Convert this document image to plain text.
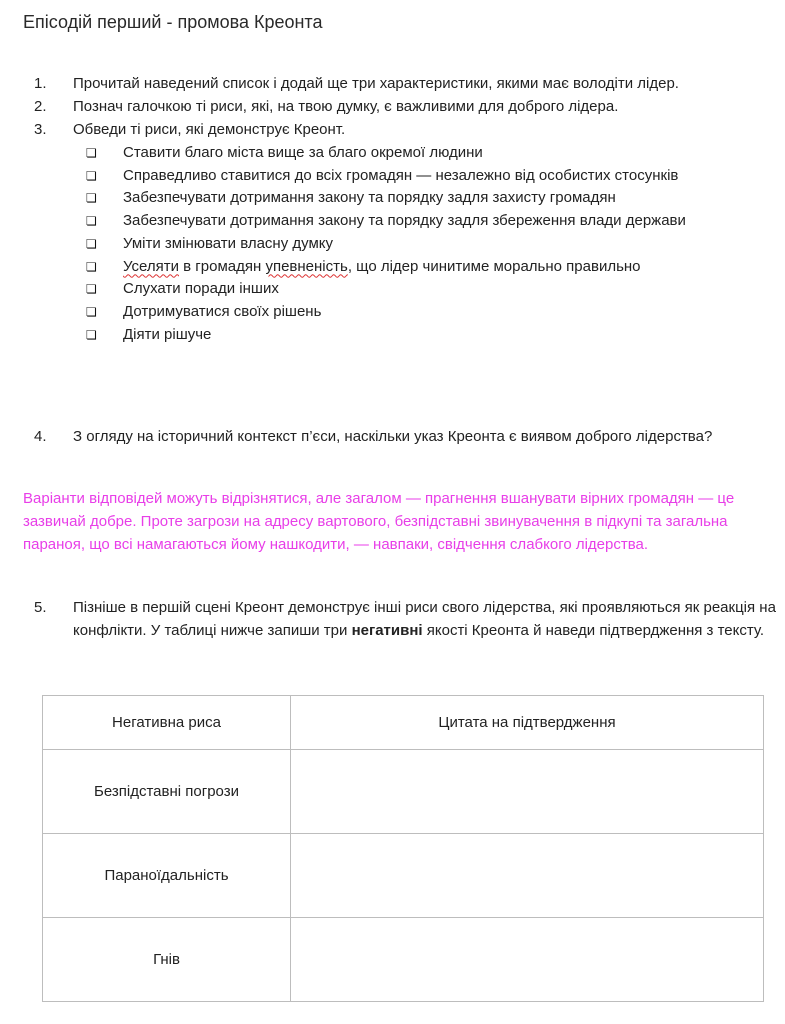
Епісодій перший - промова Креонта
1. Прочитай наведений список і додай ще три характеристики, якими має володіти лідер.
2. Познач галочкою ті риси, які, на твою думку, є важливими для доброго лідера.
3. Обведи ті риси, які демонструє Креонт.
❏ Ставити благо міста вище за благо окремої людини
❏ Справедливо ставитися до всіх громадян — незалежно від особистих стосунків
❏ Забезпечувати дотримання закону та порядку задля захисту громадян
❏ Забезпечувати дотримання закону та порядку задля збереження влади держави
❏ Уміти змінювати власну думку
❏ Уселяти в громадян упевненість, що лідер чинитиме морально правильно
❏ Слухати поради інших
❏ Дотримуватися своїх рішень
❏ Діяти рішуче
4. З огляду на історичний контекст п’єси, наскільки указ Креонта є виявом доброго лідерства?
Варіанти відповідей можуть відрізнятися, але загалом — прагнення вшанувати вірних громадян — це зазвичай добре. Проте загрози на адресу вартового, безпідставні звинувачення в підкупі та загальна параноя, що всі намагаються йому нашкодити, — навпаки, свідчення слабкого лідерства.
5. Пізніше в першій сцені Креонт демонструє інші риси свого лідерства, які проявляються як реакція на конфлікти. У таблиці нижче запиши три негативні якості Креонта й наведи підтвердження з тексту.
Негативна риса	Цитата на підтвердження
Безпідставні погрози	
Параноїдальність	
Гнів	
